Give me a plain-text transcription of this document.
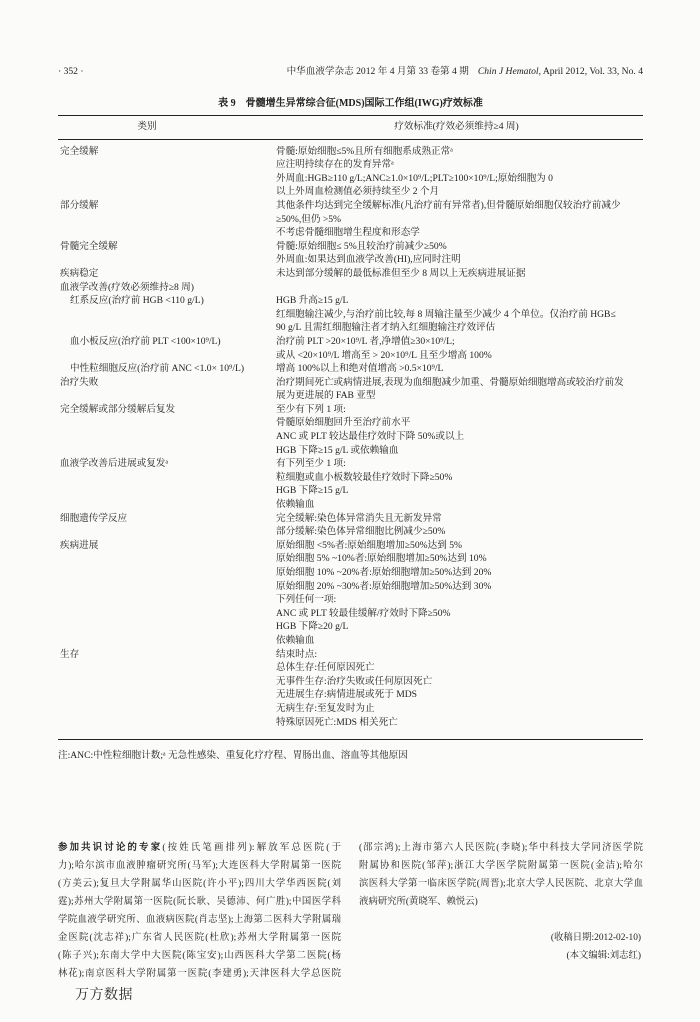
· 352 ·	中华血液学杂志 2012 年 4 月第 33 卷第 4 期 Chin J Hematol, April 2012, Vol. 33, No. 4
表 9　骨髓增生异常综合征(MDS)国际工作组(IWG)疗效标准
类别	疗效标准(疗效必须维持≥4 周)
完全缓解	骨髓:原始细胞≤5%且所有细胞系成熟正常ᵃ
应注明持续存在的发育异常ᵃ
外周血:HGB≥110 g/L;ANC≥1.0×10⁹/L;PLT≥100×10⁹/L;原始细胞为 0
以上外周血检测值必须持续至少 2 个月
部分缓解	其他条件均达到完全缓解标准(凡治疗前有异常者),但骨髓原始细胞仅较治疗前减少
≥50%,但仍 >5%
不考虑骨髓细胞增生程度和形态学
骨髓完全缓解	骨髓:原始细胞≤ 5%且较治疗前减少≥50%
外周血:如果达到血液学改善(HI),应同时注明
疾病稳定	未达到部分缓解的最低标准但至少 8 周以上无疾病进展证据
血液学改善(疗效必须维持≥8 周)
红系反应(治疗前 HGB <110 g/L)	HGB 升高≥15 g/L
红细胞输注减少,与治疗前比较,每 8 周输注量至少减少 4 个单位。仅治疗前 HGB≤
90 g/L 且需红细胞输注者才纳入红细胞输注疗效评估
血小板反应(治疗前 PLT <100×10⁹/L)	治疗前 PLT >20×10⁹/L 者,净增值≥30×10⁹/L;
或从 <20×10⁹/L 增高至 > 20×10⁹/L 且至少增高 100%
中性粒细胞反应(治疗前 ANC <1.0× 10⁹/L)	增高 100%以上和绝对值增高 >0.5×10⁹/L
治疗失败	治疗期间死亡或病情进展,表现为血细胞减少加重、骨髓原始细胞增高或较治疗前发
展为更进展的 FAB 亚型
完全缓解或部分缓解后复发	至少有下列 1 项:
骨髓原始细胞回升至治疗前水平
ANC 或 PLT 较达最佳疗效时下降 50%或以上
HGB 下降≥15 g/L 或依赖输血
血液学改善后进展或复发ᵃ	有下列至少 1 项:
粒细胞或血小板数较最佳疗效时下降≥50%
HGB 下降≥15 g/L
依赖输血
细胞遗传学反应	完全缓解:染色体异常消失且无新发异常
部分缓解:染色体异常细胞比例减少≥50%
疾病进展	原始细胞 <5%者:原始细胞增加≥50%达到 5%
原始细胞 5% ~10%者:原始细胞增加≥50%达到 10%
原始细胞 10% ~20%者:原始细胞增加≥50%达到 20%
原始细胞 20% ~30%者:原始细胞增加≥50%达到 30%
下列任何一项:
ANC 或 PLT 较最佳缓解/疗效时下降≥50%
HGB 下降≥20 g/L
依赖输血
生存	结束时点:
总体生存:任何原因死亡
无事件生存:治疗失败或任何原因死亡
无进展生存:病情进展或死于 MDS
无病生存:至复发时为止
特殊原因死亡:MDS 相关死亡
注:ANC:中性粒细胞计数;ᵃ 无急性感染、重复化疗疗程、胃肠出血、溶血等其他原因
参加共识讨论的专家(按姓氏笔画排列):解放军总医院(于
力);哈尔滨市血液肿瘤研究所(马军);大连医科大学附属第一医院
(方美云);复旦大学附属华山医院(许小平);四川大学华西医院(刘
霆);苏州大学附属第一医院(阮长耿、吴德沛、何广胜);中国医学科
学院血液学研究所、血液病医院(肖志坚);上海第二医科大学附属瑞
金医院(沈志祥);广东省人民医院(杜欣);苏州大学附属第一医院
(陈子兴);东南大学中大医院(陈宝安);山西医科大学第二医院(杨
林花);南京医科大学附属第一医院(李建勇);天津医科大学总医院
(邵宗鸿);上海市第六人民医院(李晓);华中科技大学同济医学院
附属协和医院(邹萍);浙江大学医学院附属第一医院(金洁);哈尔
滨医科大学第一临床医学院(周晋);北京大学人民医院、北京大学血
液病研究所(黄晓军、赖悦云)
(收稿日期:2012-02-10)
(本文编辑:刘志红)
万方数据
